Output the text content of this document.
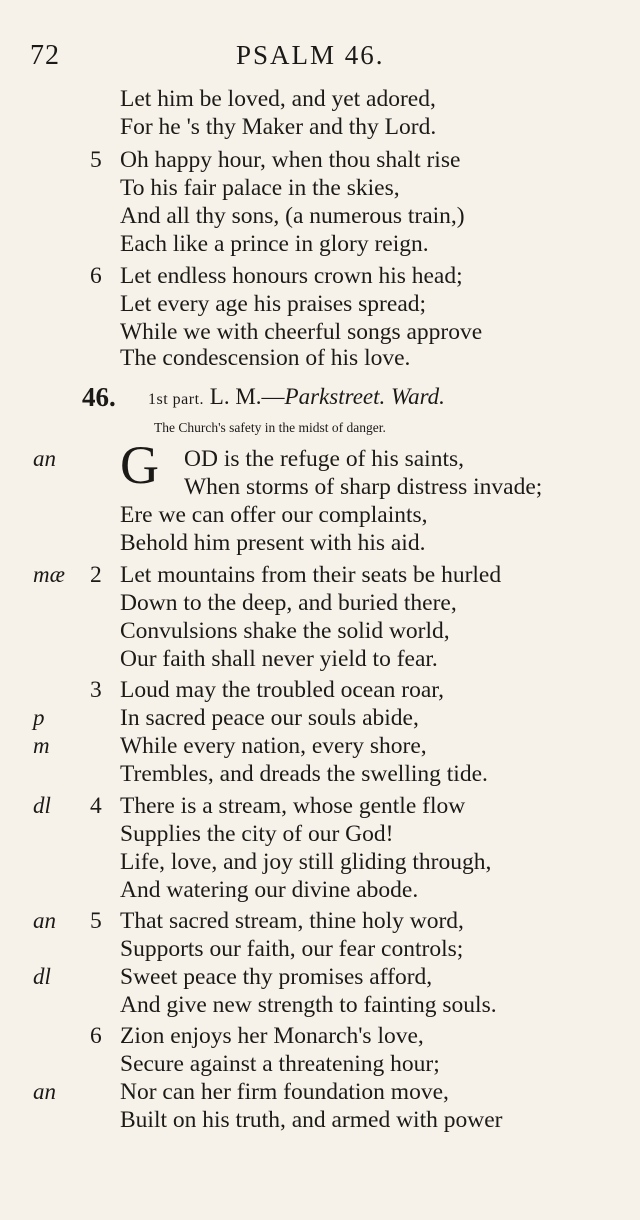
72	PSALM 46.
Let him be loved, and yet adored,
For he 's thy Maker and thy Lord.
5 Oh happy hour, when thou shalt rise
To his fair palace in the skies,
And all thy sons, (a numerous train,)
Each like a prince in glory reign.
6 Let endless honours crown his head;
Let every age his praises spread;
While we with cheerful songs approve
The condescension of his love.
46. 1st part. L. M.—Parkstreet. Ward.
The Church's safety in the midst of danger.
an	OD is the refuge of his saints,
G When storms of sharp distress invade;
Ere we can offer our complaints,
Behold him present with his aid.
mæ 2 Let mountains from their seats be hurled
Down to the deep, and buried there,
Convulsions shake the solid world,
Our faith shall never yield to fear.
3 Loud may the troubled ocean roar,
p	In sacred peace our souls abide,
m	While every nation, every shore,
Trembles, and dreads the swelling tide.
dl 4 There is a stream, whose gentle flow
Supplies the city of our God!
Life, love, and joy still gliding through,
And watering our divine abode.
an 5 That sacred stream, thine holy word,
Supports our faith, our fear controls;
dl	Sweet peace thy promises afford,
And give new strength to fainting souls.
6 Zion enjoys her Monarch's love,
Secure against a threatening hour;
an	Nor can her firm foundation move,
Built on his truth, and armed with power
